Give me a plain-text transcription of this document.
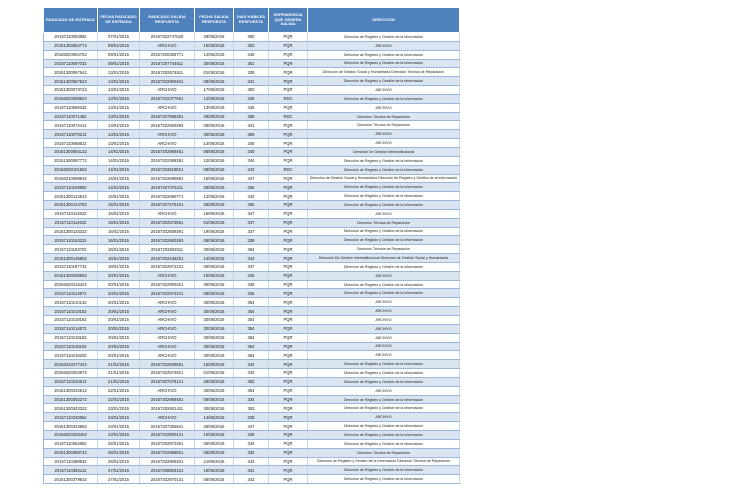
RADICADO DE ENTRADA	FECHA RADICADO DE ENTRADA	RADICADO SALIDA RESPUESTA	FECHA SALIDA RESPUESTA	DIAS HABILES RESPUESTA	DEPENDENCIA QUE GENERA SALIDA	DIRECCIÓN
20157110003882	07/01/2015	20167202747620	28/06/2016	360	PQR	Dirección de Registro y Gestión de la Información
20151300054772	09/01/2015	ARCHIVO	10/06/2016	353	PQR	ARCHIVO
20156020064752	09/01/2015	20167200369771	12/06/2016	345	PQR	Dirección de Registro y Gestión de la Información
20157110067032	09/01/2015	20167207744611	30/06/2016	361	PQR	Dirección de Registro y Gestión de la Información
20151300067542	13/01/2015	20167202574511	01/06/2016	339	PQR	Dirección de Gestión Social y Humanitaria Dirección Técnica de Reparación
20151300067522	13/01/2015	20167202900401	08/06/2016	341	PQR	Dirección de Registro y Gestión de la Información
20151300073722	13/01/2015	ARCHIVO	17/06/2016	350	PQR	ARCHIVO
20156020008622	13/01/2015	20167202377661	12/06/2016	345	RDC	Dirección de Registro y Gestión de la Información
20157110069332	13/01/2015	ARCHIVO	13/06/2016	345	PQR	ARCHIVO
20157110071482	13/01/2015	20167207595351	29/06/2016	358	RDC	Dirección Técnica de Reparación
20157110074412	13/01/2015	20167202900393	08/06/2016	341	PQR	Dirección Técnica de Reparación
20157110079212	13/01/2015	ARCHIVO	30/06/2016	359	PQR	ARCHIVO
20157110068822	13/01/2015	ARCHIVO	14/06/2016	345	PQR	ARCHIVO
20151300084132	14/01/2015	20167202968461	06/06/2016	340	PQR	Dirección De Gestión Interinstitucional
20151300087772	14/01/2015	20167202369381	12/06/2016	344	PQR	Dirección de Registro y Gestión de la Información
20156020101662	14/01/2015	20167202619821	09/06/2016	343	RDC	Dirección de Registro y Gestión de la Información
20156210098632	14/01/2015	20167202690981	15/06/2016	347	PQR	Dirección de Gestión Social y Humanitaria Dirección de Registro y Gestión de la Información
20157110109892	14/01/2015	20167207476211	28/06/2016	356	PQR	Dirección de Registro y Gestión de la Información
20151300122542	15/01/2015	20167202690771	12/06/2016	343	PQR	Dirección de Registro y Gestión de la Información
20151300124762	15/01/2015	20167207475151	28/06/2016	355	PQR	Dirección de Registro y Gestión de la Información
20157110114622	15/01/2015	ARCHIVO	16/06/2016	347	PQR	ARCHIVO
20157110114622	15/01/2015	20167202572581	01/06/2016	337	PQR	Dirección Técnica de Reparación
20151300134332	16/01/2015	20167202609391	19/06/2016	347	PQR	Dirección de Registro y Gestión de la Información
20157110153232	16/01/2015	20167202900393	08/06/2016	338	PQR	Dirección de Registro y Gestión de la Información
20157110163702	16/01/2015	20167202602011	30/06/2016	354	PQR	Dirección Técnica de Reparación
20151300136852	16/01/2015	20167202448251	14/06/2016	343	PQR	Dirección De Gestión Interinstitucional Dirección de Gestión Social y Humanitaria
20157110187732	19/01/2015	20167202972331	06/06/2016	337	PQR	Dirección de Registro y Gestión de la Información
20151300206582	20/01/2015	ARCHIVO	10/06/2016	346	PQR	ARCHIVO
20156020216422	20/01/2015	20167202900321	09/06/2016	336	PQR	Dirección de Registro y Gestión de la Información
20157110214972	20/01/2015	20167202972341	06/06/2016	336	PQR	Dirección de Registro y Gestión de la Información
20157110210142	20/01/2015	ARCHIVO	30/06/2016	354	PQR	ARCHIVO
20157110218152	20/01/2015	ARCHIVO	30/06/2016	354	PQR	ARCHIVO
20157110218162	20/01/2015	ARCHIVO	30/06/2016	354	PQR	ARCHIVO
20157110214572	20/01/2015	ARCHIVO	30/06/2016	354	PQR	ARCHIVO
20157110218182	20/01/2015	ARCHIVO	30/06/2016	354	PQR	ARCHIVO
20157110218192	20/01/2015	ARCHIVO	30/06/2016	354	PQR	ARCHIVO
20157110218202	20/01/2015	ARCHIVO	30/06/2016	354	PQR	ARCHIVO
20156210277442	21/01/2015	20167202609581	15/06/2016	342	PQR	Dirección de Registro y Gestión de la Información
20156020263972	21/01/2015	20167202574921	01/06/2016	333	PQR	Dirección de Registro y Gestión de la Información
20157110310512	21/01/2015	20167207476121	28/06/2016	352	PQR	Dirección de Registro y Gestión de la Información
20151300310512	22/01/2015	ARCHIVO	30/06/2016	354	PQR	ARCHIVO
20151300302272	22/01/2015	20167202968481	06/06/2016	334	PQR	Dirección de Registro y Gestión de la Información
20151300343332	23/01/2015	20167202601411	30/06/2016	353	PQR	Dirección de Registro y Gestión de la Información
20157110340862	23/01/2015	ARCHIVO	14/06/2016	338	PQR	ARCHIVO
20151300343882	23/01/2015	20167207355941	26/06/2016	347	PQR	Dirección de Registro y Gestión de la Información
20156020320402	23/01/2015	20167202900431	10/06/2016	339	PQR	Dirección de Registro y Gestión de la Información
20157110354962	26/01/2015	20167202972361	06/06/2016	334	PQR	Dirección de Registro y Gestión de la Información
20151300389742	26/01/2015	20167202968801	06/06/2016	332	PQR	Dirección Técnica de Reparación
20157110389532	26/01/2015	20167202909301	21/06/2016	343	PQR	Dirección de Registro y Gestión de la Información Dirección Técnica de Reparación
20157110392112	27/01/2015	20167208803101	19/06/2016	341	PQR	Dirección de Registro y Gestión de la Información
20151300379632	27/01/2015	20167202970131	06/06/2016	343	PQR	Dirección de Registro y Gestión de la Información
